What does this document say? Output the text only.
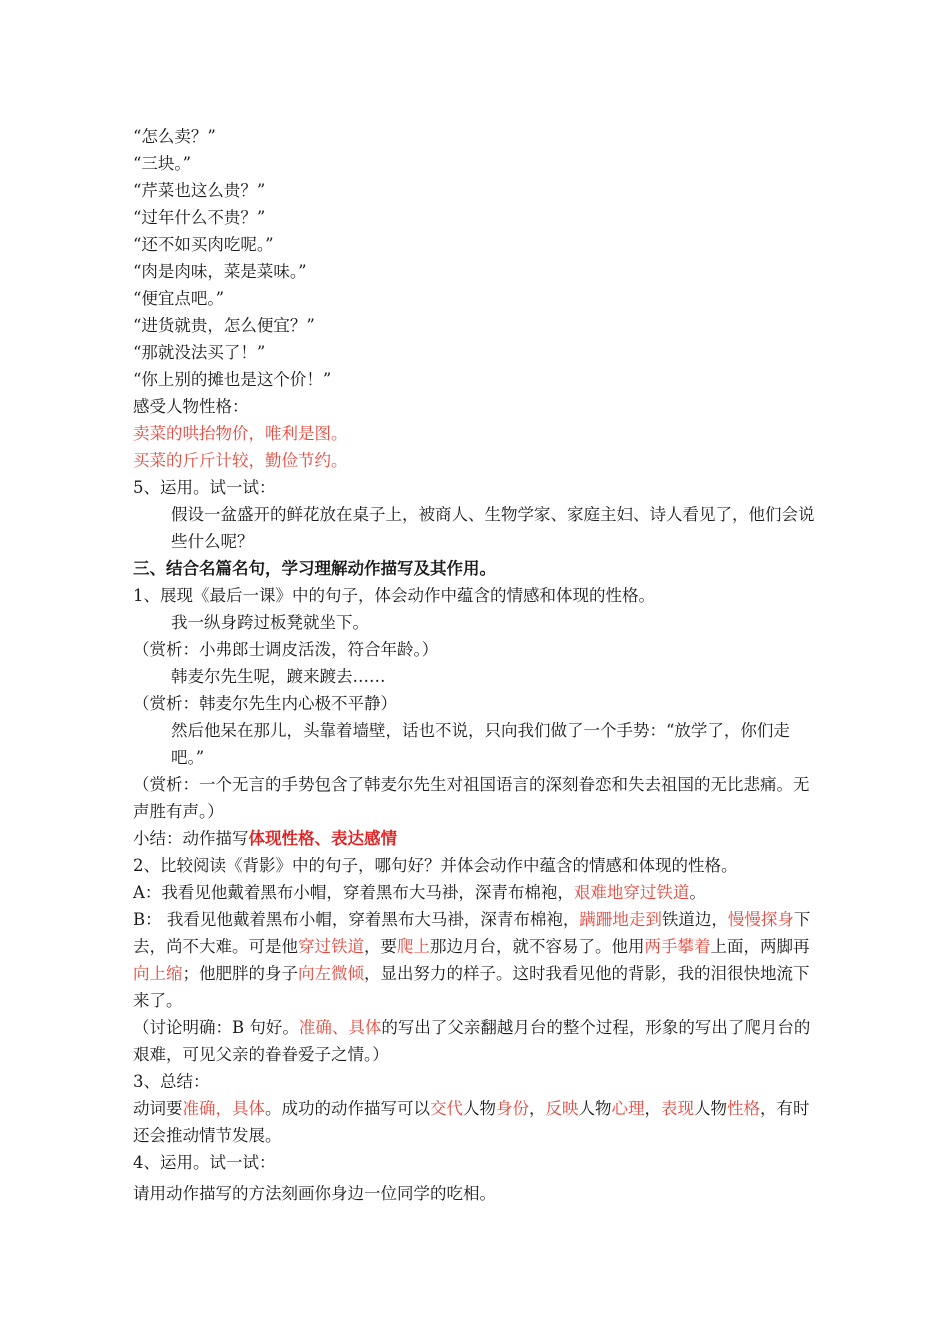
“怎么卖？”
“三块。”
“芹菜也这么贵？”
“过年什么不贵？”
“还不如买肉吃呢。”
“肉是肉味，菜是菜味。”
“便宜点吧。”
“进货就贵，怎么便宜？”
“那就没法买了！”
“你上别的摊也是这个价！”
感受人物性格：
卖菜的哄抬物价，唯利是图。
买菜的斤斤计较，勤俭节约。
5、运用。试一试：
假设一盆盛开的鲜花放在桌子上，被商人、生物学家、家庭主妇、诗人看见了，他们会说些什么呢？
三、结合名篇名句，学习理解动作描写及其作用。
1、展现《最后一课》中的句子，体会动作中蕴含的情感和体现的性格。
我一纵身跨过板凳就坐下。
（赏析：小弗郎士调皮活泼，符合年龄。）
韩麦尔先生呢，踱来踱去……
（赏析：韩麦尔先生内心极不平静）
然后他呆在那儿，头靠着墙壁，话也不说，只向我们做了一个手势：“放学了，你们走吧。”
（赏析：一个无言的手势包含了韩麦尔先生对祖国语言的深刻眷恋和失去祖国的无比悲痛。无声胜有声。）
小结：动作描写体现性格、表达感情
2、比较阅读《背影》中的句子，哪句好？并体会动作中蕴含的情感和体现的性格。
A：我看见他戴着黑布小帽，穿着黑布大马褂，深青布棉袍，艰难地穿过铁道。
B： 我看见他戴着黑布小帽，穿着黑布大马褂，深青布棉袍，蹒跚地走到铁道边，慢慢探身下去，尚不大难。可是他穿过铁道，要爬上那边月台，就不容易了。他用两手攀着上面，两脚再向上缩；他肥胖的身子向左微倾，显出努力的样子。这时我看见他的背影，我的泪很快地流下来了。
（讨论明确：B 句好。准确、具体的写出了父亲翻越月台的整个过程，形象的写出了爬月台的艰难，可见父亲的眷眷爱子之情。）
3、总结：
动词要准确，具体。成功的动作描写可以交代人物身份，反映人物心理，表现人物性格，有时还会推动情节发展。
4、运用。试一试：
请用动作描写的方法刻画你身边一位同学的吃相。
